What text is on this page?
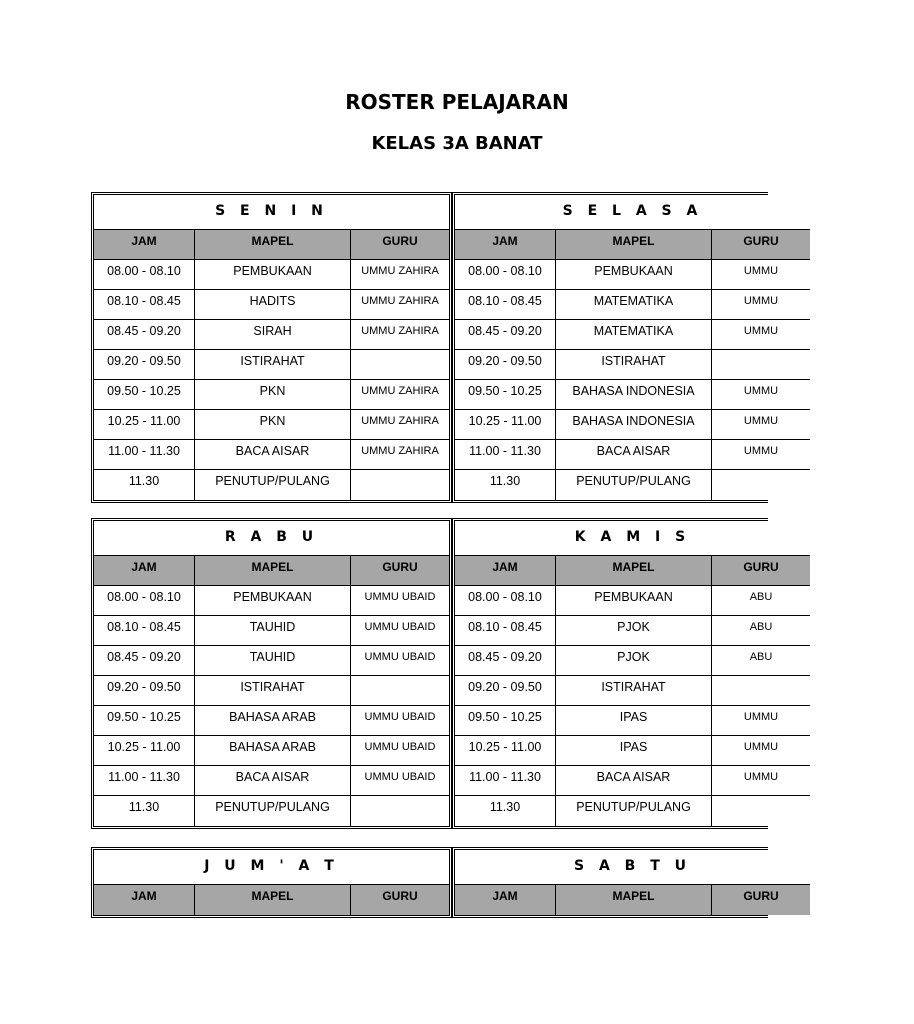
ROSTER PELAJARAN
KELAS 3A BANAT
S E N I N
JAM	MAPEL	GURU
08.00 - 08.10	PEMBUKAAN	UMMU ZAHIRA
08.10 - 08.45	HADITS	UMMU ZAHIRA
08.45 - 09.20	SIRAH	UMMU ZAHIRA
09.20 - 09.50	ISTIRAHAT
09.50 - 10.25	PKN	UMMU ZAHIRA
10.25 - 11.00	PKN	UMMU ZAHIRA
11.00 - 11.30	BACA AISAR	UMMU ZAHIRA
11.30	PENUTUP/PULANG
S E L A S A
JAM	MAPEL	GURU
08.00 - 08.10	PEMBUKAAN	UMMU
08.10 - 08.45	MATEMATIKA	UMMU
08.45 - 09.20	MATEMATIKA	UMMU
09.20 - 09.50	ISTIRAHAT
09.50 - 10.25	BAHASA INDONESIA	UMMU
10.25 - 11.00	BAHASA INDONESIA	UMMU
11.00 - 11.30	BACA AISAR	UMMU
11.30	PENUTUP/PULANG
R A B U
JAM	MAPEL	GURU
08.00 - 08.10	PEMBUKAAN	UMMU UBAID
08.10 - 08.45	TAUHID	UMMU UBAID
08.45 - 09.20	TAUHID	UMMU UBAID
09.20 - 09.50	ISTIRAHAT
09.50 - 10.25	BAHASA ARAB	UMMU UBAID
10.25 - 11.00	BAHASA ARAB	UMMU UBAID
11.00 - 11.30	BACA AISAR	UMMU UBAID
11.30	PENUTUP/PULANG
K A M I S
JAM	MAPEL	GURU
08.00 - 08.10	PEMBUKAAN	ABU
08.10 - 08.45	PJOK	ABU
08.45 - 09.20	PJOK	ABU
09.20 - 09.50	ISTIRAHAT
09.50 - 10.25	IPAS	UMMU
10.25 - 11.00	IPAS	UMMU
11.00 - 11.30	BACA AISAR	UMMU
11.30	PENUTUP/PULANG
J U M ' A T
JAM	MAPEL	GURU
S A B T U
JAM	MAPEL	GURU
